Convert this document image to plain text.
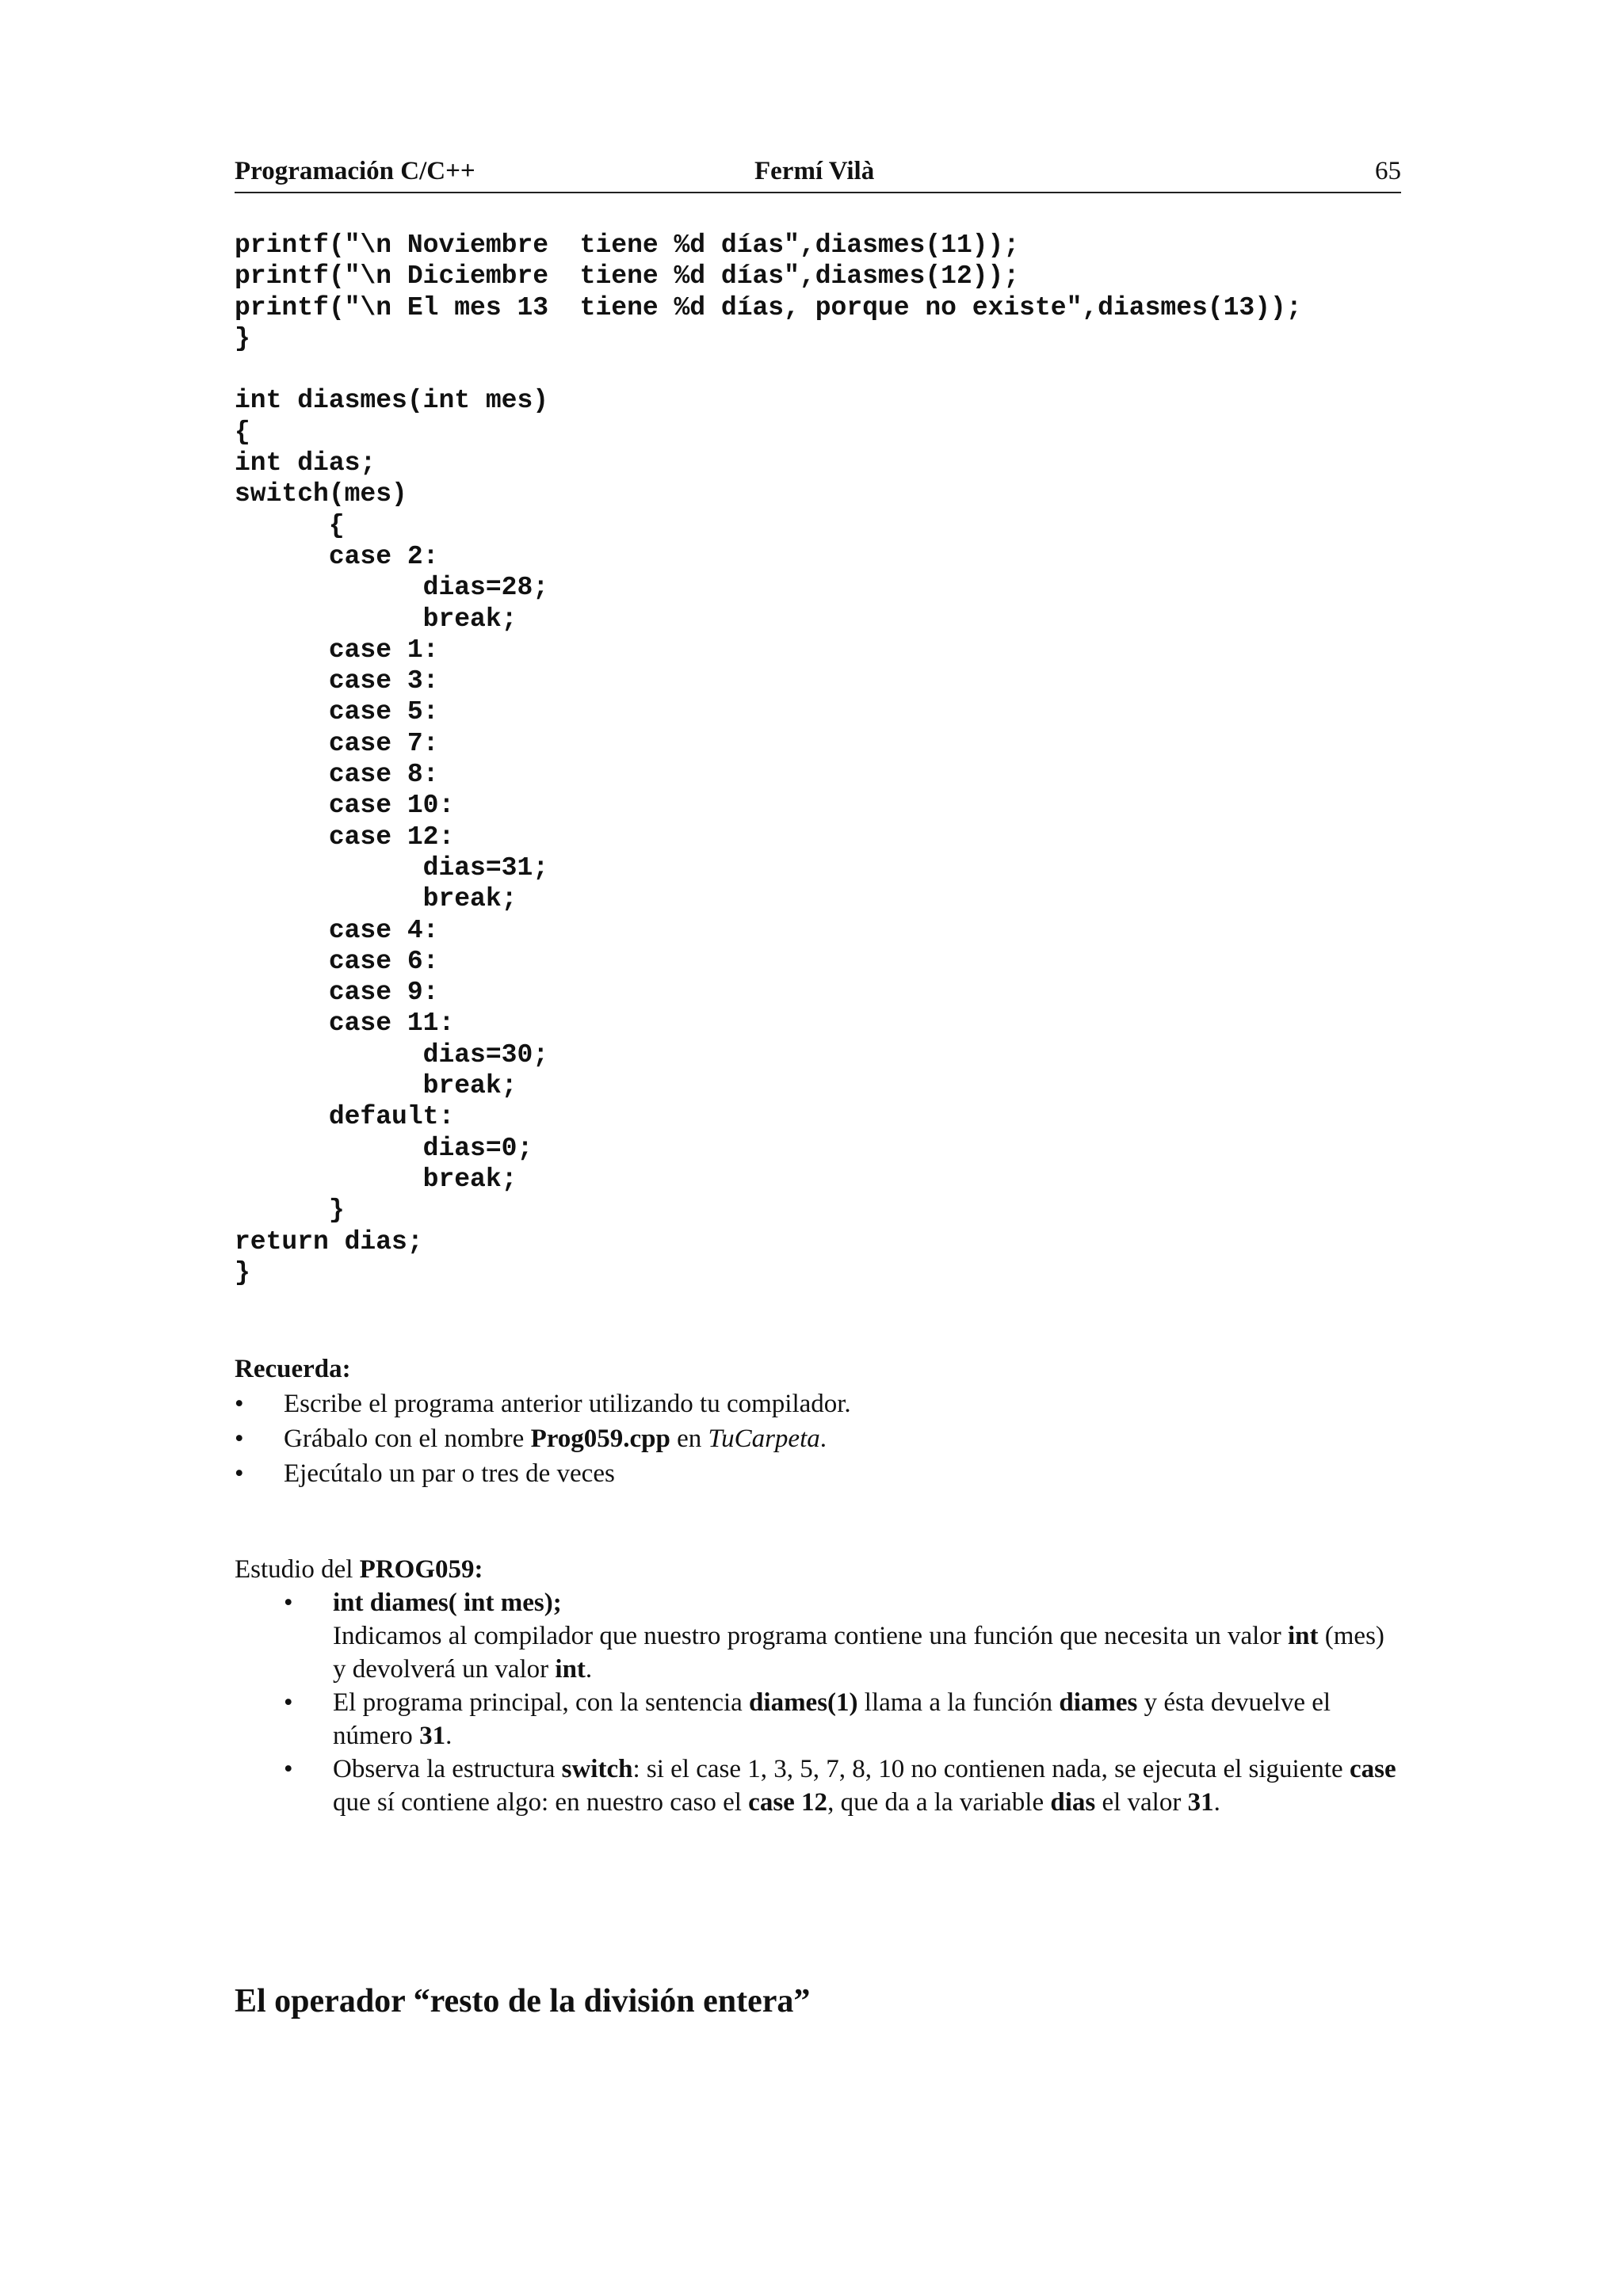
Programación C/C++	Fermí Vilà	65
printf("\n Noviembre  tiene %d días",diasmes(11));
printf("\n Diciembre  tiene %d días",diasmes(12));
printf("\n El mes 13  tiene %d días, porque no existe",diasmes(13));
}

int diasmes(int mes)
{
int dias;
switch(mes)
{
case 2:
dias=28;
break;
case 1:
case 3:
case 5:
case 7:
case 8:
case 10:
case 12:
dias=31;
break;
case 4:
case 6:
case 9:
case 11:
dias=30;
break;
default:
dias=0;
break;
}
return dias;
}
Recuerda:
• Escribe el programa anterior utilizando tu compilador.
• Grábalo con el nombre Prog059.cpp en TuCarpeta.
• Ejecútalo un par o tres de veces
Estudio del PROG059:
• int diames( int mes);
Indicamos al compilador que nuestro programa contiene una función que necesita un valor int (mes) y devolverá un valor int.
• El programa principal, con la sentencia diames(1) llama a la función diames y ésta devuelve el número 31.
• Observa la estructura switch: si el case 1, 3, 5, 7, 8, 10 no contienen nada, se ejecuta el siguiente case que sí contiene algo: en nuestro caso el case 12, que da a la variable dias el valor 31.
El operador “resto de la división entera”
